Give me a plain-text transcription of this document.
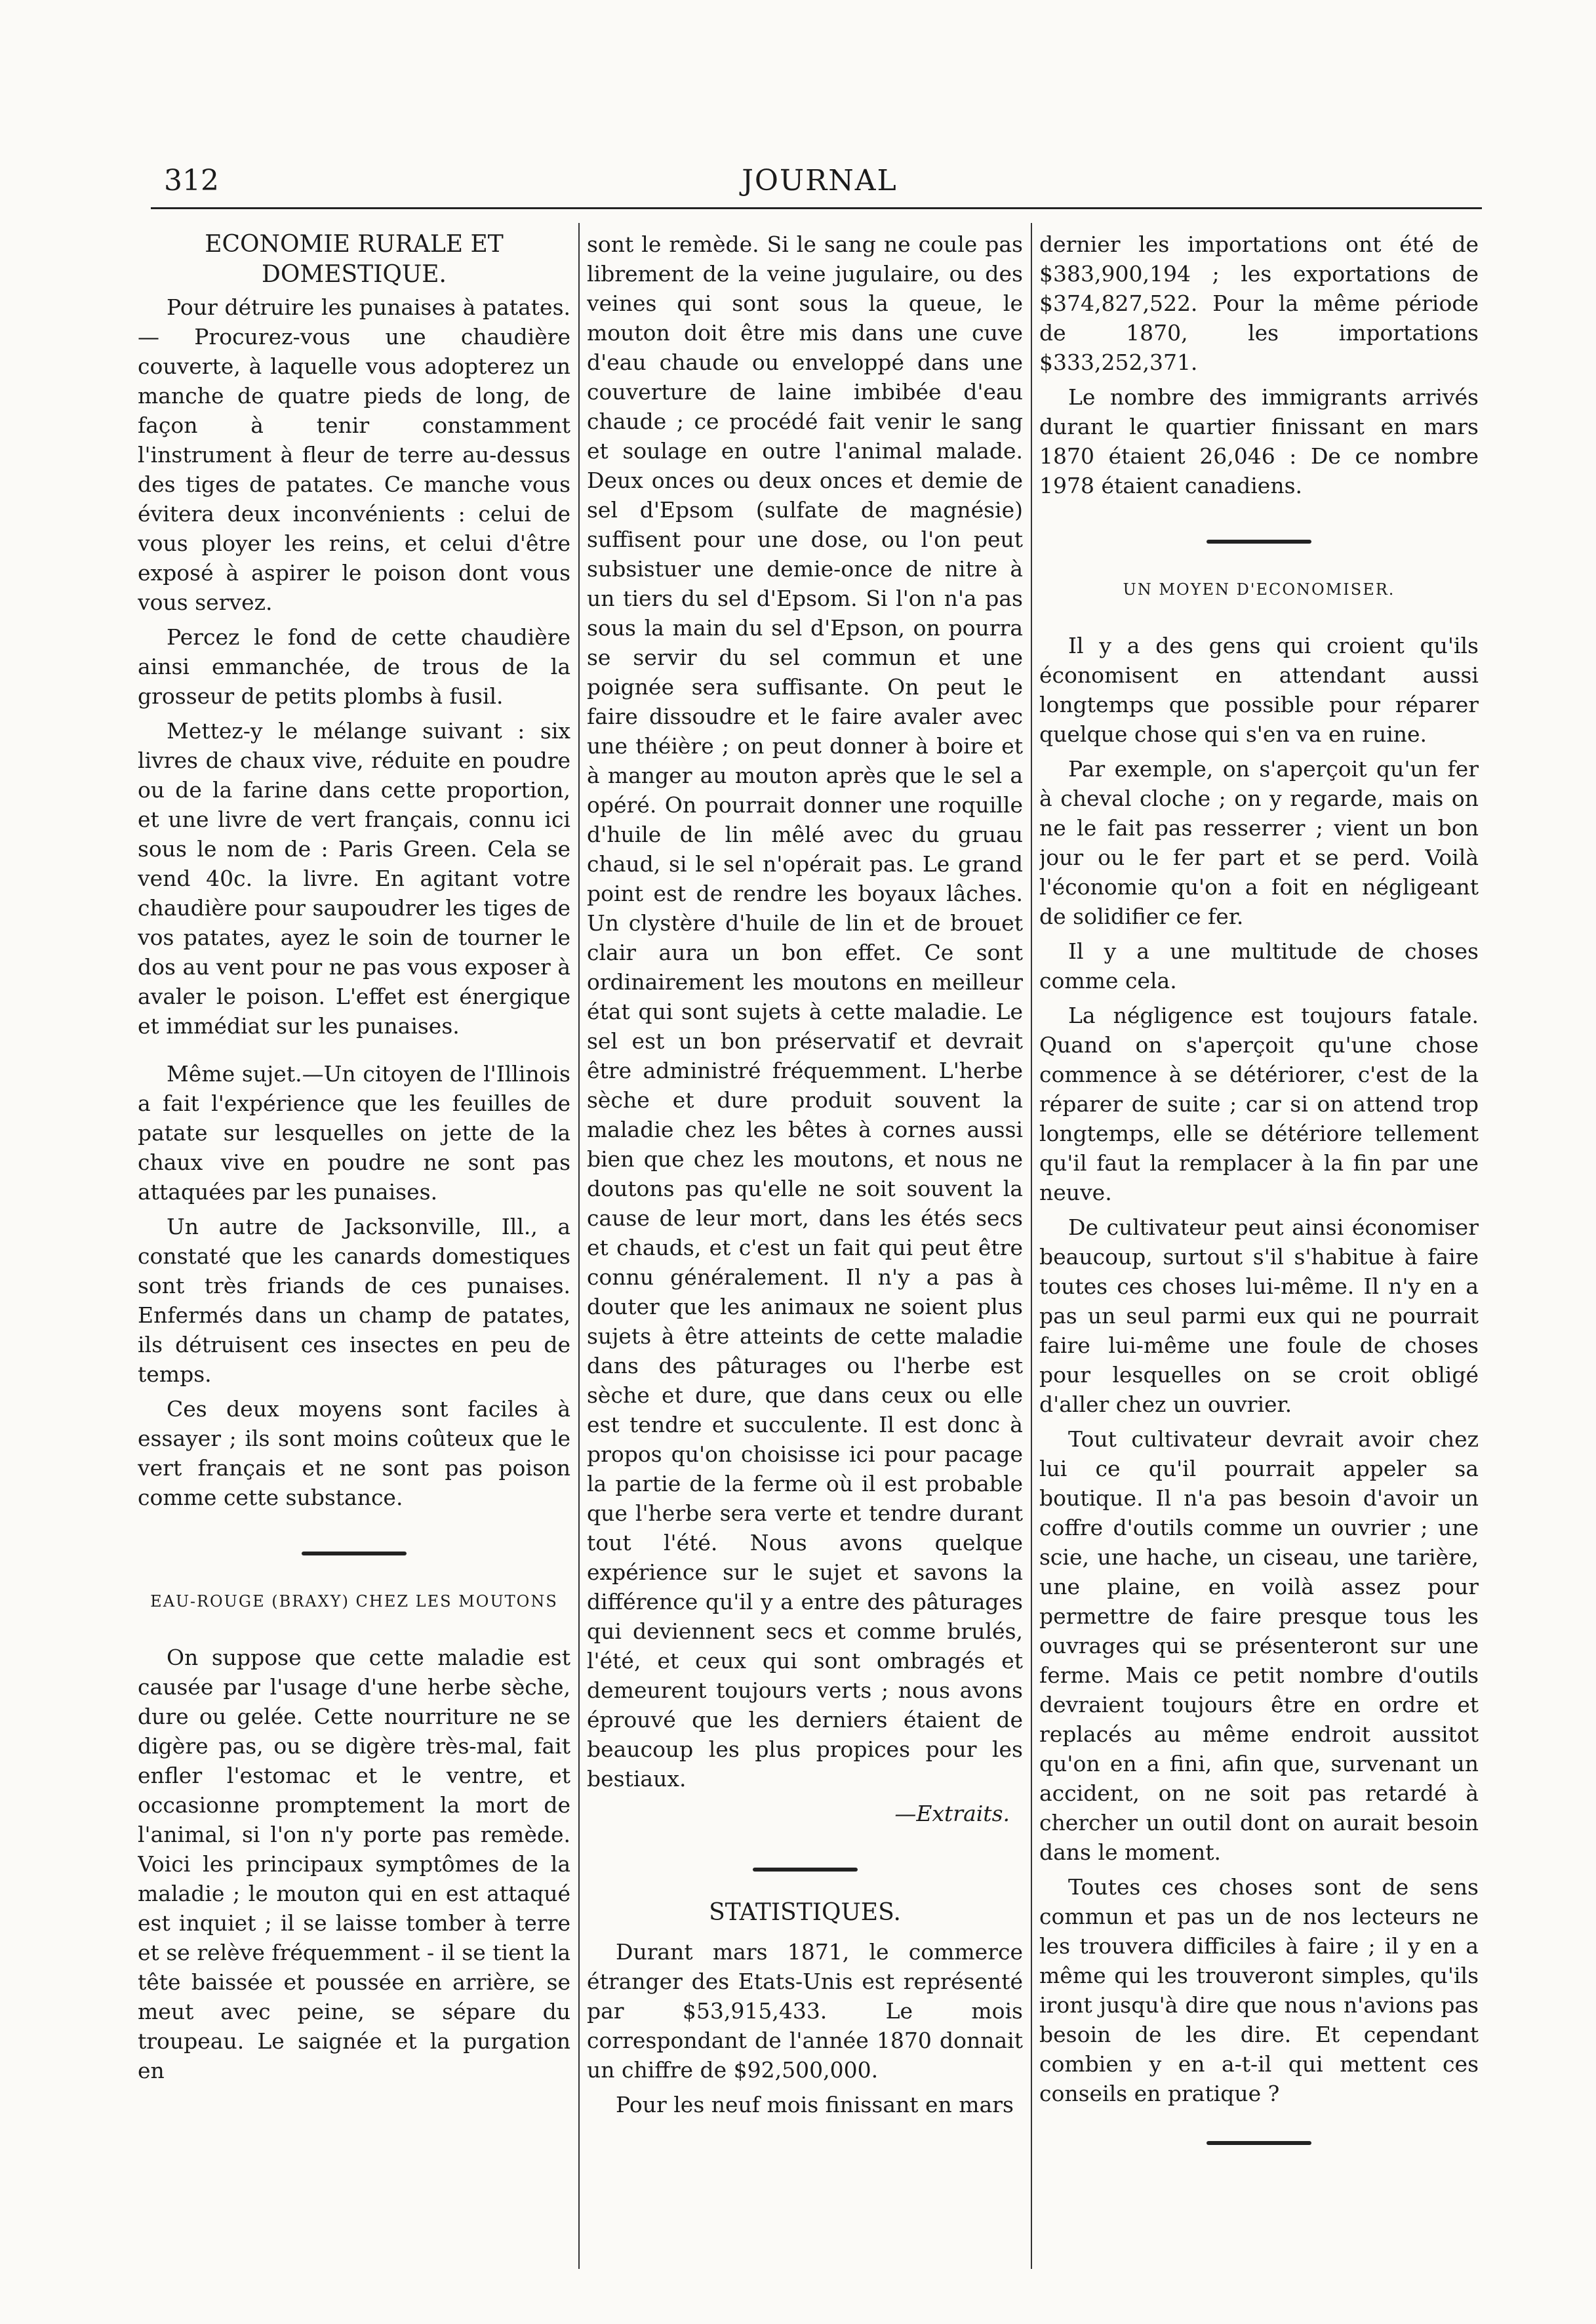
312	JOURNAL
ECONOMIE RURALE ET DOMESTIQUE.

Pour détruire les punaises à patates.— Procurez-vous une chaudière couverte, à laquelle vous adopterez un manche de quatre pieds de long, de façon à tenir constamment l'instrument à fleur de terre au-dessus des tiges de patates. Ce manche vous évitera deux inconvénients : celui de vous ployer les reins, et celui d'être exposé à aspirer le poison dont vous vous servez.

Percez le fond de cette chaudière ainsi emmanchée, de trous de la grosseur de petits plombs à fusil.

Mettez-y le mélange suivant : six livres de chaux vive, réduite en poudre ou de la farine dans cette proportion, et une livre de vert français, connu ici sous le nom de : Paris Green. Cela se vend 40c. la livre. En agitant votre chaudière pour saupoudrer les tiges de vos patates, ayez le soin de tourner le dos au vent pour ne pas vous exposer à avaler le poison. L'effet est énergique et immédiat sur les punaises.

Même sujet.—Un citoyen de l'Illinois a fait l'expérience que les feuilles de patate sur lesquelles on jette de la chaux vive en poudre ne sont pas attaquées par les punaises.

Un autre de Jacksonville, Ill., a constaté que les canards domestiques sont très friands de ces punaises. Enfermés dans un champ de patates, ils détruisent ces insectes en peu de temps.

Ces deux moyens sont faciles à essayer ; ils sont moins coûteux que le vert français et ne sont pas poison comme cette substance.

EAU-ROUGE (BRAXY) CHEZ LES MOUTONS

On suppose que cette maladie est causée par l'usage d'une herbe sèche, dure ou gelée. Cette nourriture ne se digère pas, ou se digère très-mal, fait enfler l'estomac et le ventre, et occasionne promptement la mort de l'animal, si l'on n'y porte pas remède. Voici les principaux symptômes de la maladie ; le mouton qui en est attaqué est inquiet ; il se laisse tomber à terre et se relève fréquemment - il se tient la tête baissée et poussée en arrière, se meut avec peine, se sépare du troupeau. Le saignée et la purgation en

sont le remède. Si le sang ne coule pas librement de la veine jugulaire, ou des veines qui sont sous la queue, le mouton doit être mis dans une cuve d'eau chaude ou enveloppé dans une couverture de laine imbibée d'eau chaude ; ce procédé fait venir le sang et soulage en outre l'animal malade. Deux onces ou deux onces et demie de sel d'Epsom (sulfate de magnésie) suffisent pour une dose, ou l'on peut subsistuer une demie-once de nitre à un tiers du sel d'Epsom. Si l'on n'a pas sous la main du sel d'Epson, on pourra se servir du sel commun et une poignée sera suffisante. On peut le faire dissoudre et le faire avaler avec une théière ; on peut donner à boire et à manger au mouton après que le sel a opéré. On pourrait donner une roquille d'huile de lin mêlé avec du gruau chaud, si le sel n'opérait pas. Le grand point est de rendre les boyaux lâches. Un clystère d'huile de lin et de brouet clair aura un bon effet. Ce sont ordinairement les moutons en meilleur état qui sont sujets à cette maladie. Le sel est un bon préservatif et devrait être administré fréquemment. L'herbe sèche et dure produit souvent la maladie chez les bêtes à cornes aussi bien que chez les moutons, et nous ne doutons pas qu'elle ne soit souvent la cause de leur mort, dans les étés secs et chauds, et c'est un fait qui peut être connu généralement. Il n'y a pas à douter que les animaux ne soient plus sujets à être atteints de cette maladie dans des pâturages ou l'herbe est sèche et dure, que dans ceux ou elle est tendre et succulente. Il est donc à propos qu'on choisisse ici pour pacage la partie de la ferme où il est probable que l'herbe sera verte et tendre durant tout l'été. Nous avons quelque expérience sur le sujet et savons la différence qu'il y a entre des pâturages qui deviennent secs et comme brulés, l'été, et ceux qui sont ombragés et demeurent toujours verts ; nous avons éprouvé que les derniers étaient de beaucoup les plus propices pour les bestiaux.

—Extraits.
STATISTIQUES.

Durant mars 1871, le commerce étranger des Etats-Unis est représenté par $53,915,433. Le mois correspondant de l'année 1870 donnait un chiffre de $92,500,000.

Pour les neuf mois finissant en mars

dernier les importations ont été de $383,900,194 ; les exportations de $374,827,522. Pour la même période de 1870, les importations $333,252,371.

Le nombre des immigrants arrivés durant le quartier finissant en mars 1870 étaient 26,046 : De ce nombre 1978 étaient canadiens.

UN MOYEN D'ECONOMISER.

Il y a des gens qui croient qu'ils économisent en attendant aussi longtemps que possible pour réparer quelque chose qui s'en va en ruine.

Par exemple, on s'aperçoit qu'un fer à cheval cloche ; on y regarde, mais on ne le fait pas resserrer ; vient un bon jour ou le fer part et se perd. Voilà l'économie qu'on a foit en négligeant de solidifier ce fer.

Il y a une multitude de choses comme cela.

La négligence est toujours fatale. Quand on s'aperçoit qu'une chose commence à se détériorer, c'est de la réparer de suite ; car si on attend trop longtemps, elle se détériore tellement qu'il faut la remplacer à la fin par une neuve.

De cultivateur peut ainsi économiser beaucoup, surtout s'il s'habitue à faire toutes ces choses lui-même. Il n'y en a pas un seul parmi eux qui ne pourrait faire lui-même une foule de choses pour lesquelles on se croit obligé d'aller chez un ouvrier.

Tout cultivateur devrait avoir chez lui ce qu'il pourrait appeler sa boutique. Il n'a pas besoin d'avoir un coffre d'outils comme un ouvrier ; une scie, une hache, un ciseau, une tarière, une plaine, en voilà assez pour permettre de faire presque tous les ouvrages qui se présenteront sur une ferme. Mais ce petit nombre d'outils devraient toujours être en ordre et replacés au même endroit aussitot qu'on en a fini, afin que, survenant un accident, on ne soit pas retardé à chercher un outil dont on aurait besoin dans le moment.

Toutes ces choses sont de sens commun et pas un de nos lecteurs ne les trouvera difficiles à faire ; il y en a même qui les trouveront simples, qu'ils iront jusqu'à dire que nous n'avions pas besoin de les dire. Et cependant combien y en a-t-il qui mettent ces conseils en pratique ?
